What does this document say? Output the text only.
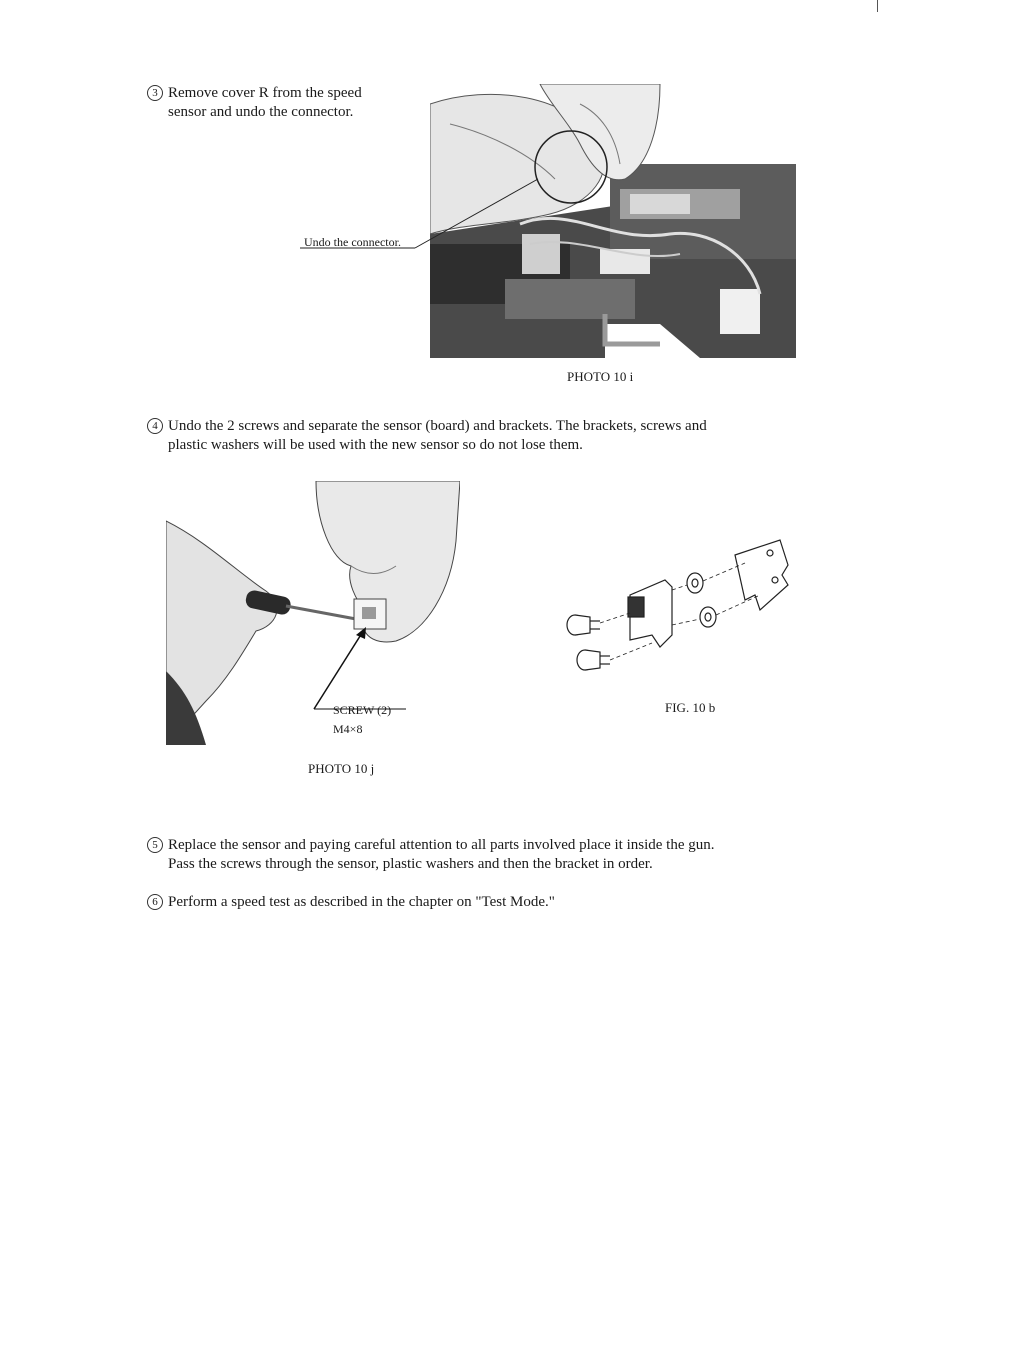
3 Remove cover R from the speed
sensor and undo the connector.
Undo the connector.
PHOTO 10 i
4 Undo the 2 screws and separate the sensor (board) and brackets. The brackets, screws and
plastic washers will be used with the new sensor so do not lose them.
SCREW (2)
M4×8
PHOTO 10 j
FIG. 10 b
5 Replace the sensor and paying careful attention to all parts involved place it inside the gun.
Pass the screws through the sensor, plastic washers and then the bracket in order.
6 Perform a speed test as described in the chapter on "Test Mode."
